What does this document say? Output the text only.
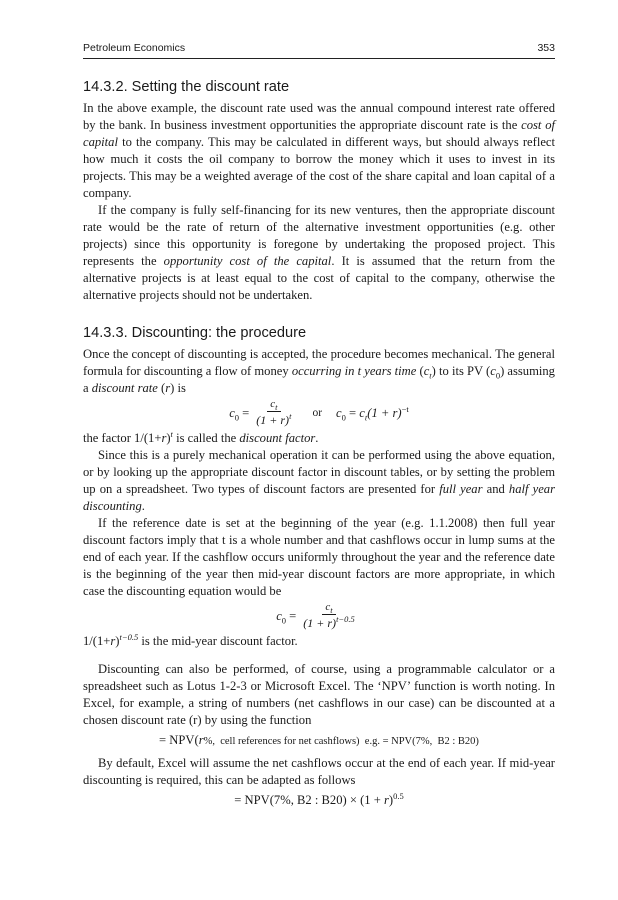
Petroleum Economics	353
14.3.2. Setting the discount rate

In the above example, the discount rate used was the annual compound interest rate offered by the bank. In business investment opportunities the appropriate discount rate is the cost of capital to the company. This may be calculated in different ways, but should always reflect how much it costs the oil company to borrow the money which it uses to invest in its projects. This may be a weighted average of the cost of the share capital and loan capital of a company.

If the company is fully self-financing for its new ventures, then the appropriate discount rate would be the rate of return of the alternative investment opportunities (e.g. other projects) since this opportunity is foregone by undertaking the proposed project. This represents the opportunity cost of the capital. It is assumed that the return from the alternative projects is at least equal to the cost of capital to the company, otherwise the alternative projects should not be undertaken.

14.3.3. Discounting: the procedure

Once the concept of discounting is accepted, the procedure becomes mechanical. The general formula for discounting a flow of money occurring in t years time $(c_t)$ to its PV $(c_0)$ assuming a discount rate (r) is

$c_0 = \frac{c_t}{(1 + r)^t}$ or $c_0 = c_t(1 + r)^{-t}$

the factor $1/(1+r)^t$ is called the discount factor.

Since this is a purely mechanical operation it can be performed using the above equation, or by looking up the appropriate discount factor in discount tables, or by setting the problem up on a spreadsheet. Two types of discount factors are presented for full year and half year discounting.

If the reference date is set at the beginning of the year (e.g. 1.1.2008) then full year discount factors imply that t is a whole number and that cashflows occur in lump sums at the end of each year. If the cashflow occurs uniformly throughout the year and the reference date is the beginning of the year then mid-year discount factors are more appropriate, in which case the discounting equation would be

$c_0 = \frac{c_t}{(1 + r)^{t-0.5}}$

$1/(1+r)^{t-0.5}$ is the mid-year discount factor.

Discounting can also be performed, of course, using a programmable calculator or a spreadsheet such as Lotus 1-2-3 or Microsoft Excel. The ‘NPV’ function is worth noting. In Excel, for example, a string of numbers (net cashflows in our case) can be discounted at a chosen discount rate (r) by using the function

= NPV(r%,  cell references for net cashflows)  e.g. = NPV(7%,  B2 : B20)

By default, Excel will assume the net cashflows occur at the end of each year. If mid-year discounting is required, this can be adapted as follows

= NPV(7%, B2 : $B20) \times (1 + r)^{0.5}$
